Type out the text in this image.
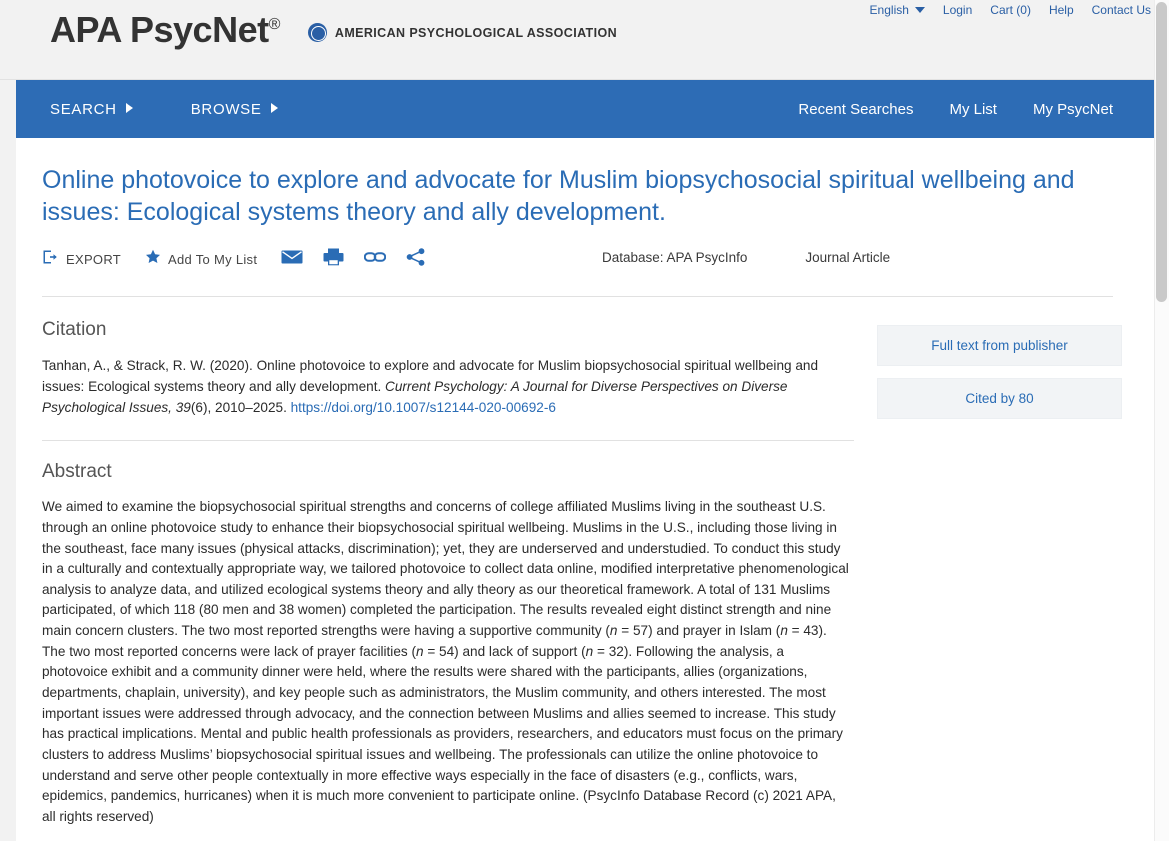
English	Login Cart (0) Help Contact Us
APA PsycNet®	AMERICAN PSYCHOLOGICAL ASSOCIATION
SEARCH	BROWSE	Recent Searches My List My PsycNet
Online photovoice to explore and advocate for Muslim biopsychosocial spiritual wellbeing and issues: Ecological systems theory and ally development.
EXPORT	Add To My List	Database: APA PsycInfo	Journal Article
Citation
Tanhan, A., & Strack, R. W. (2020). Online photovoice to explore and advocate for Muslim biopsychosocial spiritual wellbeing and issues: Ecological systems theory and ally development. Current Psychology: A Journal for Diverse Perspectives on Diverse Psychological Issues, 39(6), 2010–2025. https://doi.org/10.1007/s12144-020-00692-6
Abstract
We aimed to examine the biopsychosocial spiritual strengths and concerns of college affiliated Muslims living in the southeast U.S. through an online photovoice study to enhance their biopsychosocial spiritual wellbeing. Muslims in the U.S., including those living in the southeast, face many issues (physical attacks, discrimination); yet, they are underserved and understudied. To conduct this study in a culturally and contextually appropriate way, we tailored photovoice to collect data online, modified interpretative phenomenological analysis to analyze data, and utilized ecological systems theory and ally theory as our theoretical framework. A total of 131 Muslims participated, of which 118 (80 men and 38 women) completed the participation. The results revealed eight distinct strength and nine main concern clusters. The two most reported strengths were having a supportive community (n = 57) and prayer in Islam (n = 43). The two most reported concerns were lack of prayer facilities (n = 54) and lack of support (n = 32). Following the analysis, a photovoice exhibit and a community dinner were held, where the results were shared with the participants, allies (organizations, departments, chaplain, university), and key people such as administrators, the Muslim community, and others interested. The most important issues were addressed through advocacy, and the connection between Muslims and allies seemed to increase. This study has practical implications. Mental and public health professionals as providers, researchers, and educators must focus on the primary clusters to address Muslims’ biopsychosocial spiritual issues and wellbeing. The professionals can utilize the online photovoice to understand and serve other people contextually in more effective ways especially in the face of disasters (e.g., conflicts, wars, epidemics, pandemics, hurricanes) when it is much more convenient to participate online. (PsycInfo Database Record (c) 2021 APA, all rights reserved)
Full text from publisher
Cited by 80
